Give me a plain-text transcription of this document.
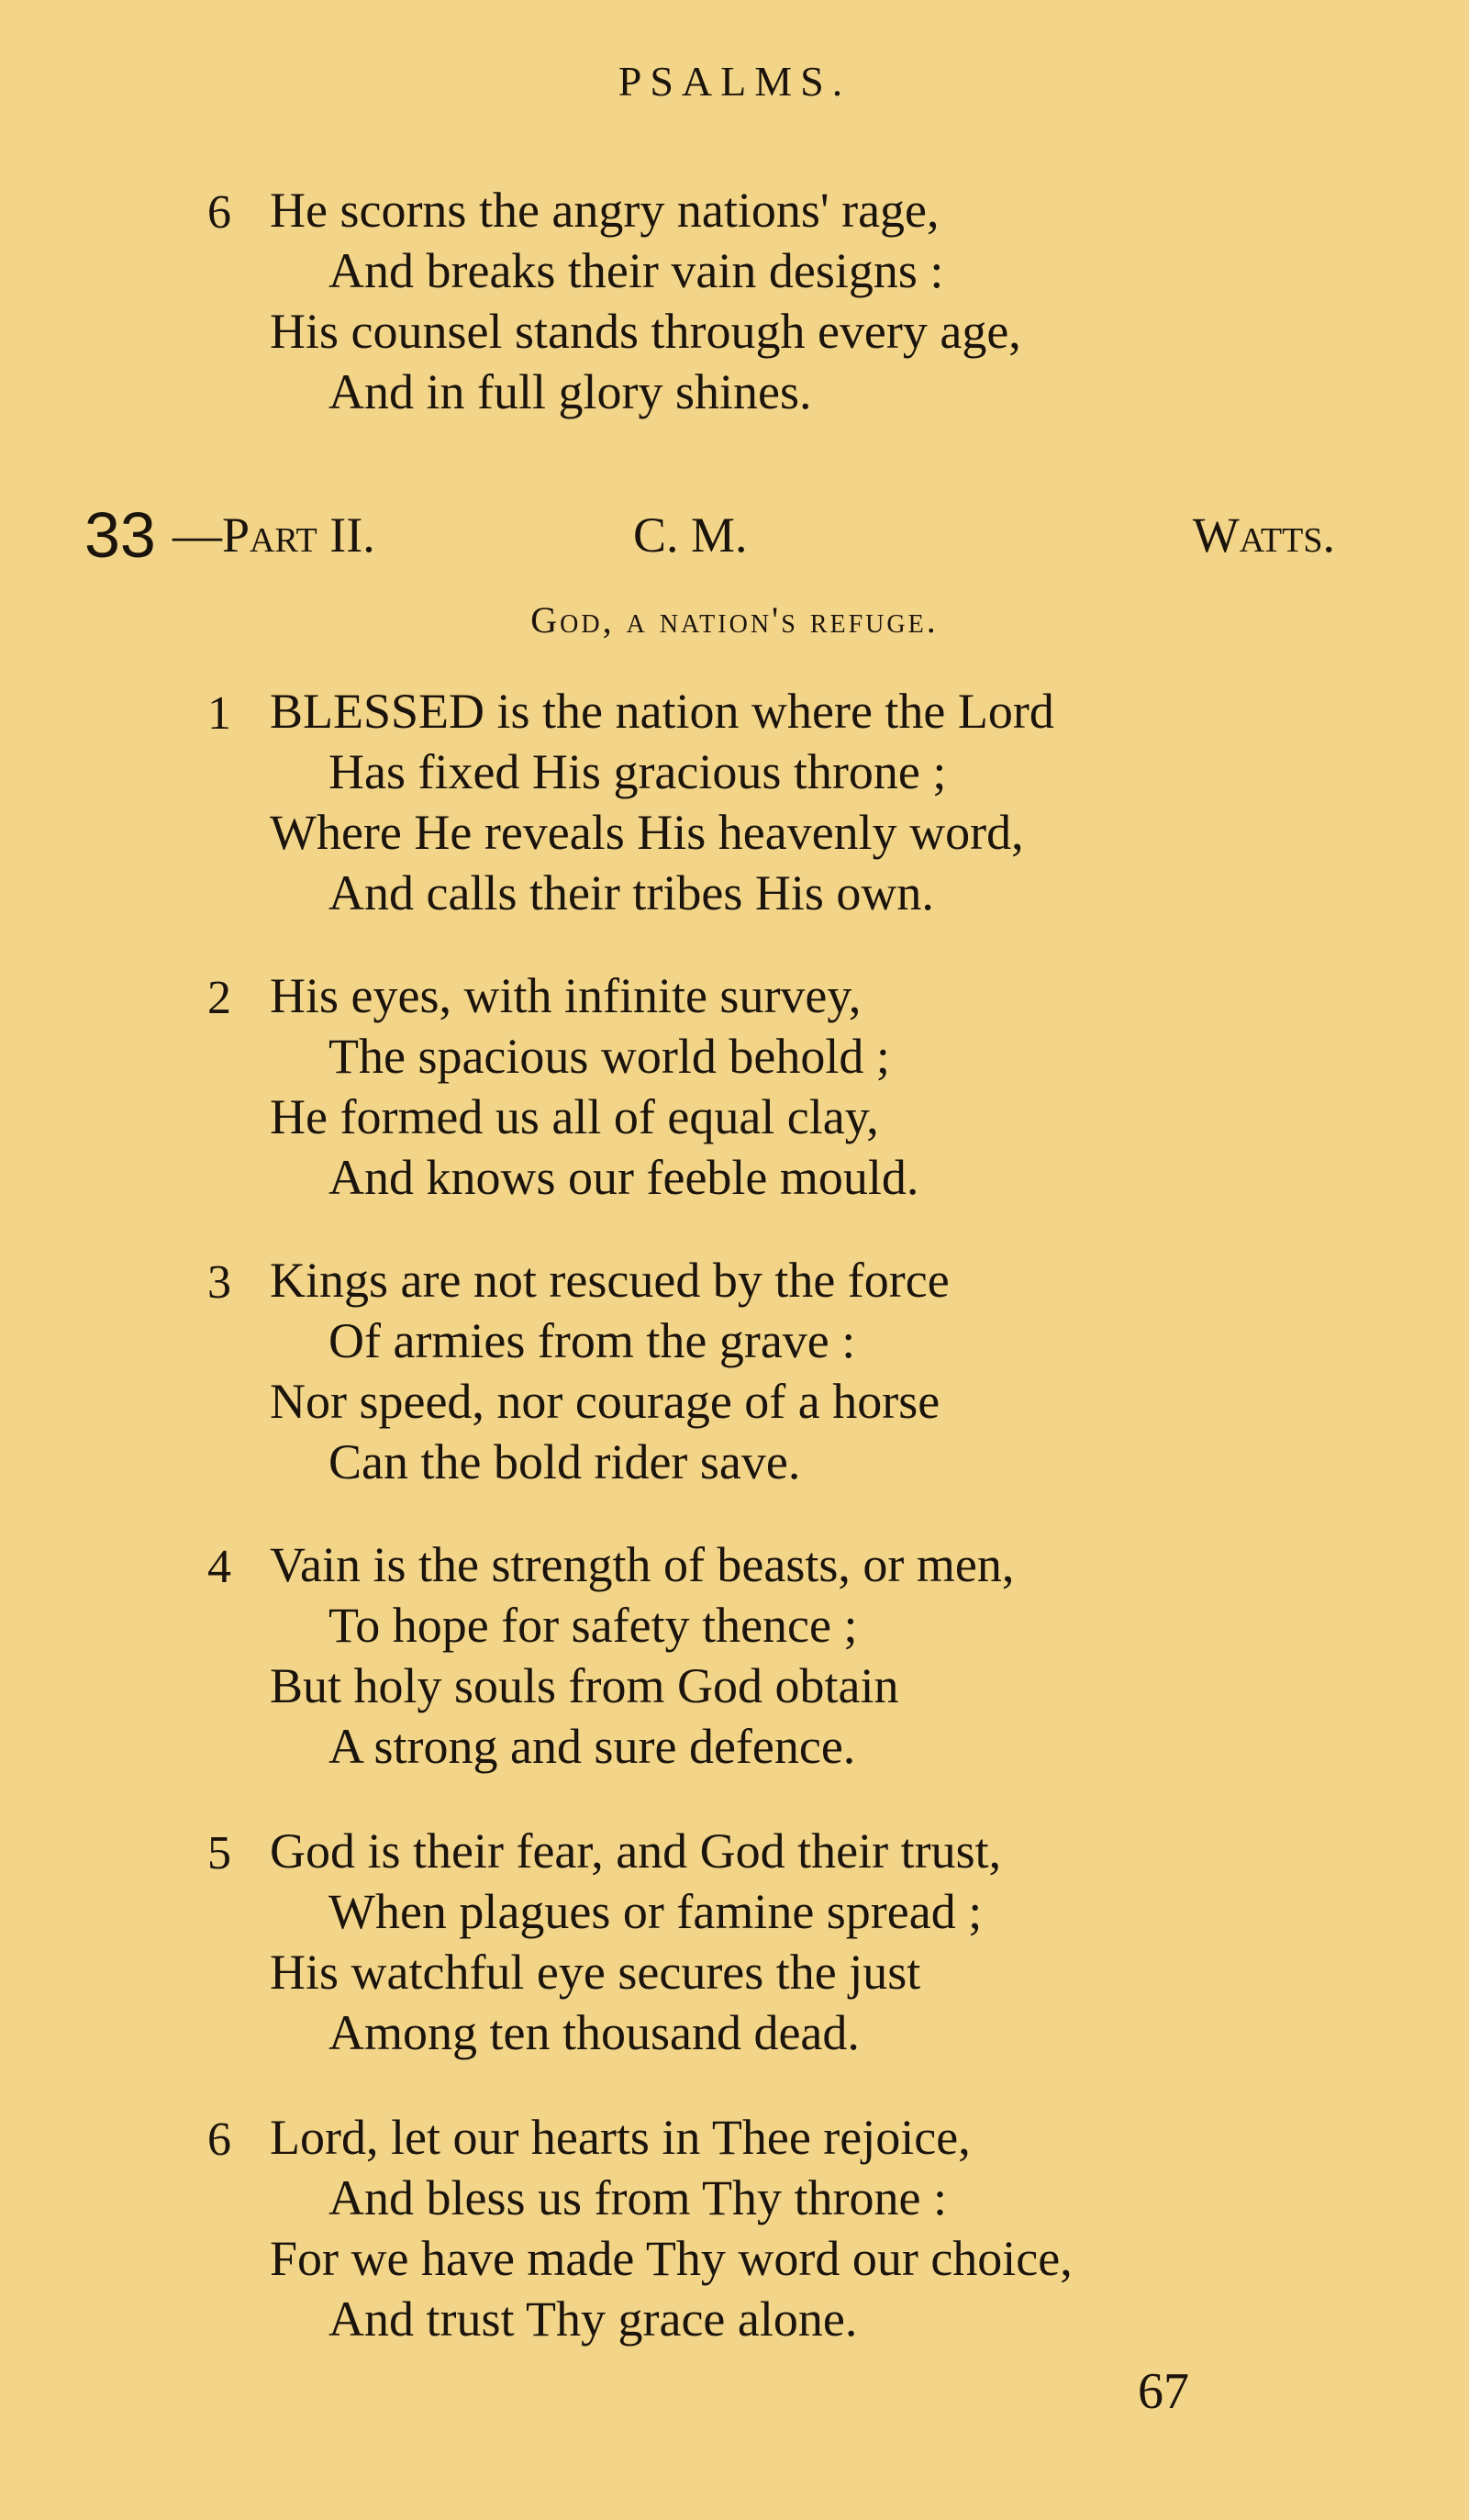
PSALMS.
6 He scorns the angry nations' rage,
And breaks their vain designs :
His counsel stands through every age,
And in full glory shines.
33 —Part II.	C. M.	Watts.
God, a nation's refuge.
1 BLESSED is the nation where the Lord
Has fixed His gracious throne ;
Where He reveals His heavenly word,
And calls their tribes His own.
2 His eyes, with infinite survey,
The spacious world behold ;
He formed us all of equal clay,
And knows our feeble mould.
3 Kings are not rescued by the force
Of armies from the grave :
Nor speed, nor courage of a horse
Can the bold rider save.
4 Vain is the strength of beasts, or men,
To hope for safety thence ;
But holy souls from God obtain
A strong and sure defence.
5 God is their fear, and God their trust,
When plagues or famine spread ;
His watchful eye secures the just
Among ten thousand dead.
6 Lord, let our hearts in Thee rejoice,
And bless us from Thy throne :
For we have made Thy word our choice,
And trust Thy grace alone.
67
